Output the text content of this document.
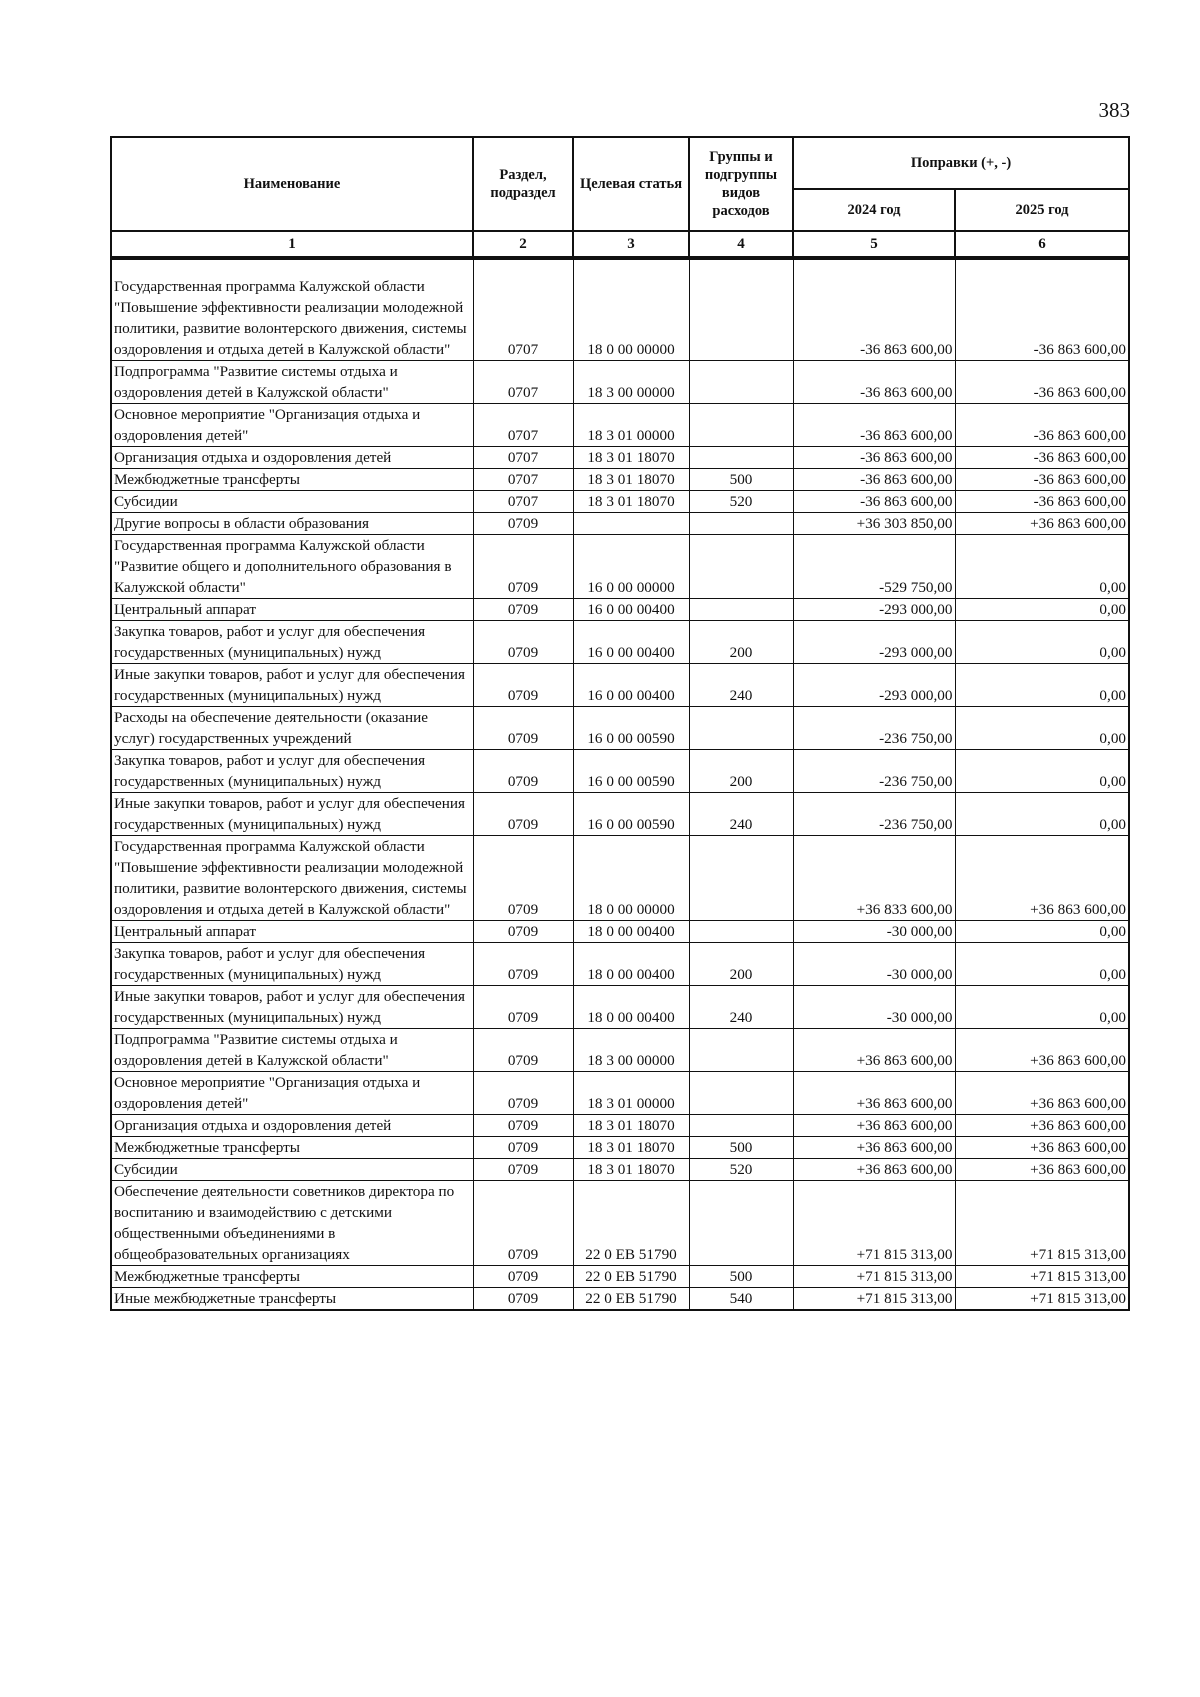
383
Наименование	Раздел, подраздел	Целевая статья	Группы и подгруппы видов расходов	Поправки (+, -)	
				2024 год	2025 год
1	2	3	4	5	6
Государственная программа Калужской области "Повышение эффективности реализации молодежной политики, развитие волонтерского движения, системы оздоровления и отдыха детей в Калужской области"	0707	18 0 00 00000		-36 863 600,00	-36 863 600,00
Подпрограмма "Развитие системы отдыха и оздоровления детей в Калужской области"	0707	18 3 00 00000		-36 863 600,00	-36 863 600,00
Основное мероприятие "Организация отдыха и оздоровления детей"	0707	18 3 01 00000		-36 863 600,00	-36 863 600,00
Организация отдыха и оздоровления детей	0707	18 3 01 18070		-36 863 600,00	-36 863 600,00
Межбюджетные трансферты	0707	18 3 01 18070	500	-36 863 600,00	-36 863 600,00
Субсидии	0707	18 3 01 18070	520	-36 863 600,00	-36 863 600,00
Другие вопросы в области образования	0709			+36 303 850,00	+36 863 600,00
Государственная программа Калужской области "Развитие общего и дополнительного образования в Калужской области"	0709	16 0 00 00000		-529 750,00	0,00
Центральный аппарат	0709	16 0 00 00400		-293 000,00	0,00
Закупка товаров, работ и услуг для обеспечения государственных (муниципальных) нужд	0709	16 0 00 00400	200	-293 000,00	0,00
Иные закупки товаров, работ и услуг для обеспечения государственных (муниципальных) нужд	0709	16 0 00 00400	240	-293 000,00	0,00
Расходы на обеспечение деятельности (оказание услуг) государственных учреждений	0709	16 0 00 00590		-236 750,00	0,00
Закупка товаров, работ и услуг для обеспечения государственных (муниципальных) нужд	0709	16 0 00 00590	200	-236 750,00	0,00
Иные закупки товаров, работ и услуг для обеспечения государственных (муниципальных) нужд	0709	16 0 00 00590	240	-236 750,00	0,00
Государственная программа Калужской области "Повышение эффективности реализации молодежной политики, развитие волонтерского движения, системы оздоровления и отдыха детей в Калужской области"	0709	18 0 00 00000		+36 833 600,00	+36 863 600,00
Центральный аппарат	0709	18 0 00 00400		-30 000,00	0,00
Закупка товаров, работ и услуг для обеспечения государственных (муниципальных) нужд	0709	18 0 00 00400	200	-30 000,00	0,00
Иные закупки товаров, работ и услуг для обеспечения государственных (муниципальных) нужд	0709	18 0 00 00400	240	-30 000,00	0,00
Подпрограмма "Развитие системы отдыха и оздоровления детей в Калужской области"	0709	18 3 00 00000		+36 863 600,00	+36 863 600,00
Основное мероприятие "Организация отдыха и оздоровления детей"	0709	18 3 01 00000		+36 863 600,00	+36 863 600,00
Организация отдыха и оздоровления детей	0709	18 3 01 18070		+36 863 600,00	+36 863 600,00
Межбюджетные трансферты	0709	18 3 01 18070	500	+36 863 600,00	+36 863 600,00
Субсидии	0709	18 3 01 18070	520	+36 863 600,00	+36 863 600,00
Обеспечение деятельности советников директора по воспитанию и взаимодействию с детскими общественными объединениями в общеобразовательных организациях	0709	22 0 EB 51790		+71 815 313,00	+71 815 313,00
Межбюджетные трансферты	0709	22 0 EB 51790	500	+71 815 313,00	+71 815 313,00
Иные межбюджетные трансферты	0709	22 0 EB 51790	540	+71 815 313,00	+71 815 313,00
